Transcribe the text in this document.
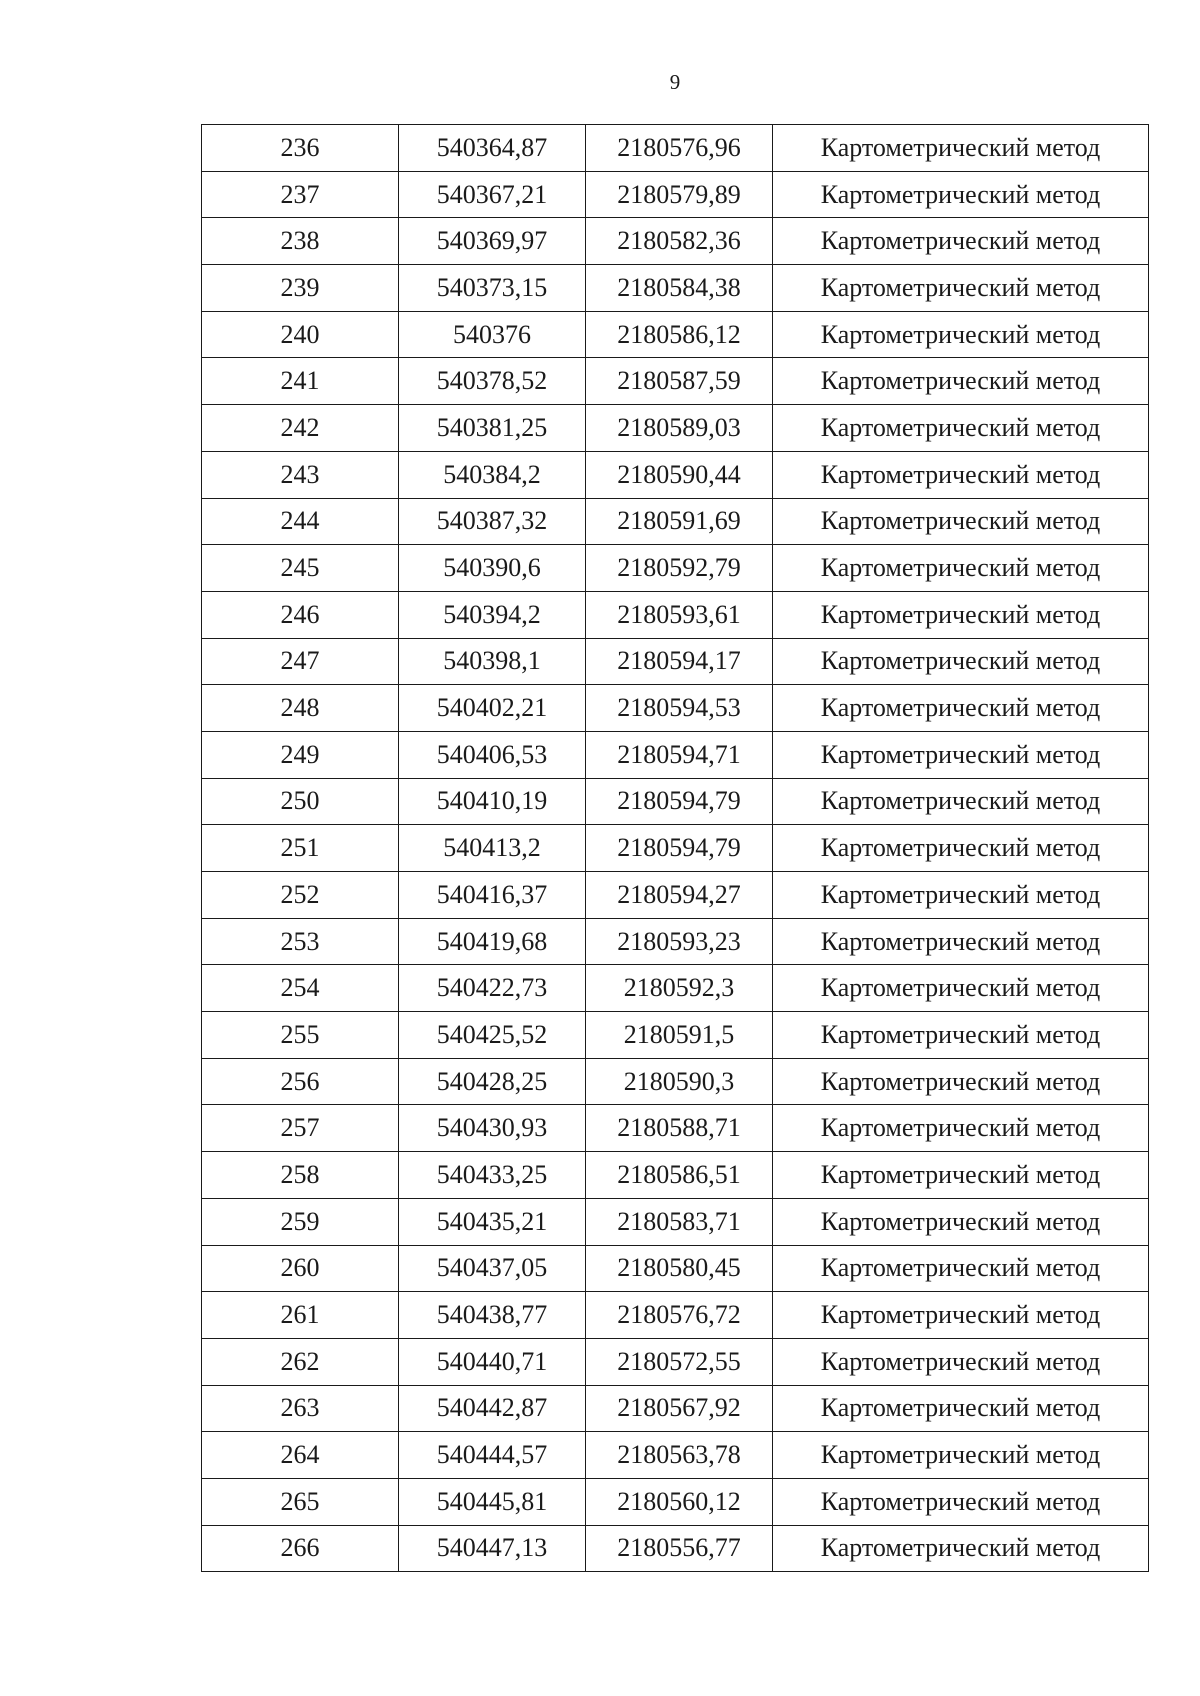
9
236	540364,87	2180576,96	Картометрический метод
237	540367,21	2180579,89	Картометрический метод
238	540369,97	2180582,36	Картометрический метод
239	540373,15	2180584,38	Картометрический метод
240	540376	2180586,12	Картометрический метод
241	540378,52	2180587,59	Картометрический метод
242	540381,25	2180589,03	Картометрический метод
243	540384,2	2180590,44	Картометрический метод
244	540387,32	2180591,69	Картометрический метод
245	540390,6	2180592,79	Картометрический метод
246	540394,2	2180593,61	Картометрический метод
247	540398,1	2180594,17	Картометрический метод
248	540402,21	2180594,53	Картометрический метод
249	540406,53	2180594,71	Картометрический метод
250	540410,19	2180594,79	Картометрический метод
251	540413,2	2180594,79	Картометрический метод
252	540416,37	2180594,27	Картометрический метод
253	540419,68	2180593,23	Картометрический метод
254	540422,73	2180592,3	Картометрический метод
255	540425,52	2180591,5	Картометрический метод
256	540428,25	2180590,3	Картометрический метод
257	540430,93	2180588,71	Картометрический метод
258	540433,25	2180586,51	Картометрический метод
259	540435,21	2180583,71	Картометрический метод
260	540437,05	2180580,45	Картометрический метод
261	540438,77	2180576,72	Картометрический метод
262	540440,71	2180572,55	Картометрический метод
263	540442,87	2180567,92	Картометрический метод
264	540444,57	2180563,78	Картометрический метод
265	540445,81	2180560,12	Картометрический метод
266	540447,13	2180556,77	Картометрический метод
